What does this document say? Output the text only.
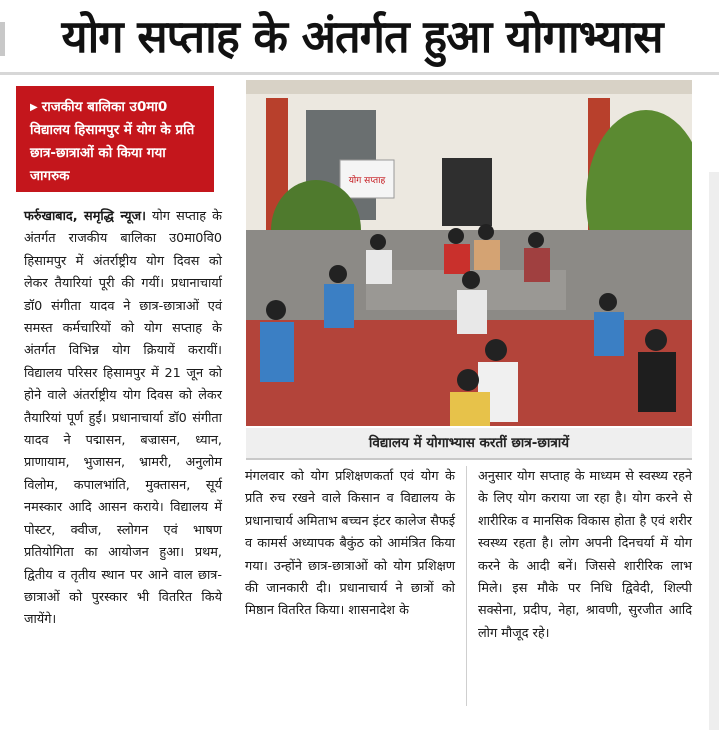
योग सप्ताह के अंतर्गत हुआ योगाभ्यास
▶ राजकीय बालिका उ0मा0 विद्यालय हिसामपुर में योग के प्रति छात्र-छात्राओं को किया गया जागरुक
फर्रुखाबाद, समृद्धि न्यूज। योग सप्ताह के अंतर्गत राजकीय बालिका उ0मा0वि0 हिसामपुर में अंतर्राष्ट्रीय योग दिवस को लेकर तैयारियां पूरी की गयीं। प्रधानाचार्या डॉ0 संगीता यादव ने छात्र-छात्राओं एवं समस्त कर्मचारियों को योग सप्ताह के अंतर्गत विभिन्न योग क्रियायें करायीं। विद्यालय परिसर हिसामपुर में 21 जून को होने वाले अंतर्राष्ट्रीय योग दिवस को लेकर तैयारियां पूर्ण हुईं। प्रधानाचार्या डॉ0 संगीता यादव ने पद्मासन, बज्रासन, ध्यान, प्राणायाम, भुजासन, भ्रामरी, अनुलोम विलोम, कपालभांति, मुक्तासन, सूर्य नमस्कार आदि आसन कराये। विद्यालय में पोस्टर, क्वीज, स्लोगन एवं भाषण प्रतियोगिता का आयोजन हुआ। प्रथम, द्वितीय व तृतीय स्थान पर आने वाल छात्र-छात्राओं को पुरस्कार भी वितरित किये जायेंगे।
योग सप्ताह
विद्यालय में योगाभ्यास करतीं छात्र-छात्रायें
मंगलवार को योग प्रशिक्षणकर्ता एवं योग के प्रति रुच रखने वाले किसान व विद्यालय के प्रधानाचार्य अमिताभ बच्चन इंटर कालेज सैफई व कामर्स अध्यापक बैकुंठ को आमंत्रित किया गया। उन्होंने छात्र-छात्राओं को योग प्रशिक्षण की जानकारी दी। प्रधानाचार्य ने छात्रों को मिष्ठान वितरित किया। शासनादेश के
अनुसार योग सप्ताह के माध्यम से स्वस्थ्य रहने के लिए योग कराया जा रहा है। योग करने से शारीरिक व मानसिक विकास होता है एवं शरीर स्वस्थ्य रहता है। लोग अपनी दिनचर्या में योग करने के आदी बनें। जिससे शारीरिक लाभ मिले। इस मौके पर निधि द्विवेदी, शिल्पी सक्सेना, प्रदीप, नेहा, श्रावणी, सुरजीत आदि लोग मौजूद रहे।
